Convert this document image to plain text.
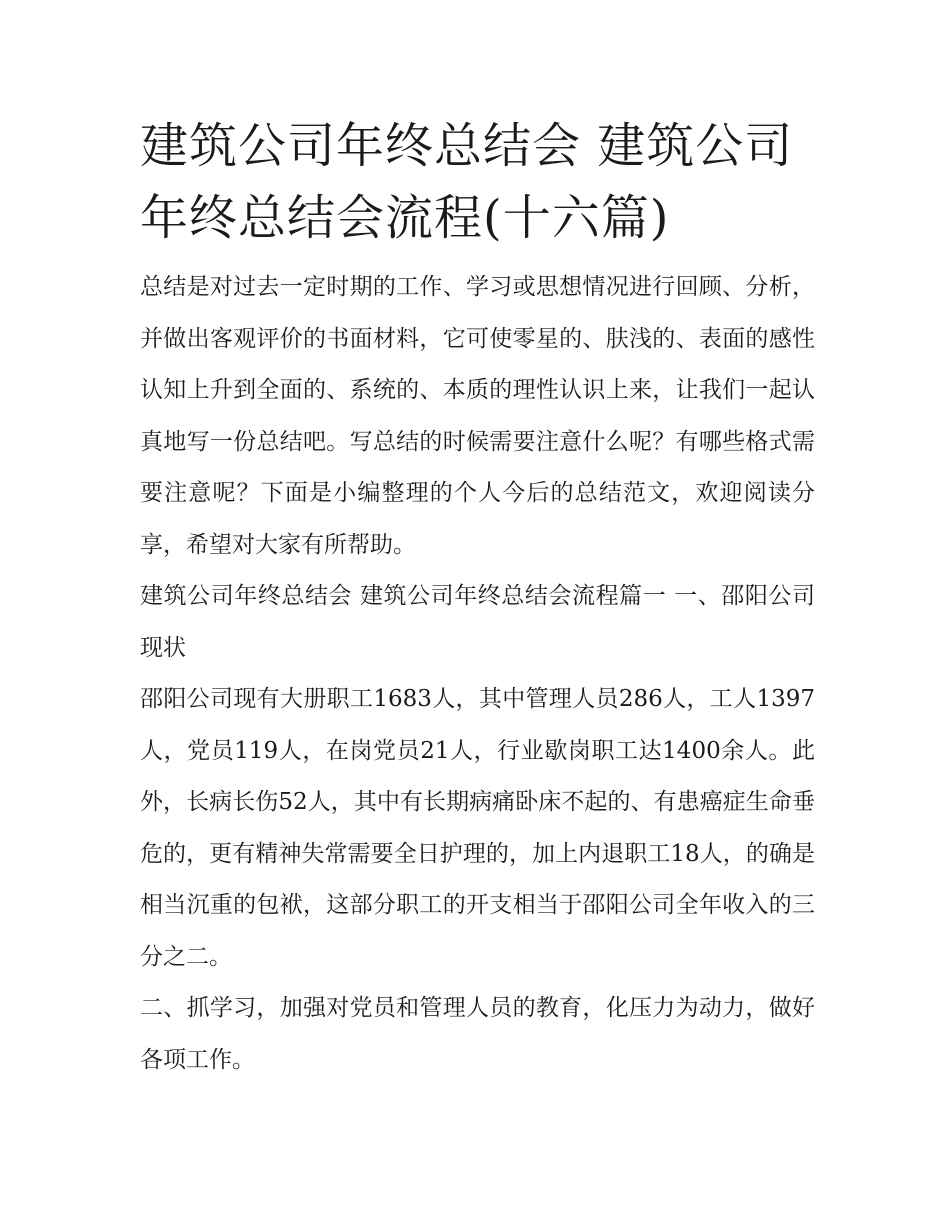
建筑公司年终总结会 建筑公司年终总结会流程(十六篇)

总结是对过去一定时期的工作、学习或思想情况进行回顾、分析，并做出客观评价的书面材料，它可使零星的、肤浅的、表面的感性认知上升到全面的、系统的、本质的理性认识上来，让我们一起认真地写一份总结吧。写总结的时候需要注意什么呢？有哪些格式需要注意呢？下面是小编整理的个人今后的总结范文，欢迎阅读分享，希望对大家有所帮助。

建筑公司年终总结会 建筑公司年终总结会流程篇一 一、邵阳公司现状

邵阳公司现有大册职工1683人，其中管理人员286人，工人1397人，党员119人，在岗党员21人，行业歇岗职工达1400余人。此外，长病长伤52人，其中有长期病痛卧床不起的、有患癌症生命垂危的，更有精神失常需要全日护理的，加上内退职工18人，的确是相当沉重的包袱，这部分职工的开支相当于邵阳公司全年收入的三分之二。

二、抓学习，加强对党员和管理人员的教育，化压力为动力，做好各项工作。
